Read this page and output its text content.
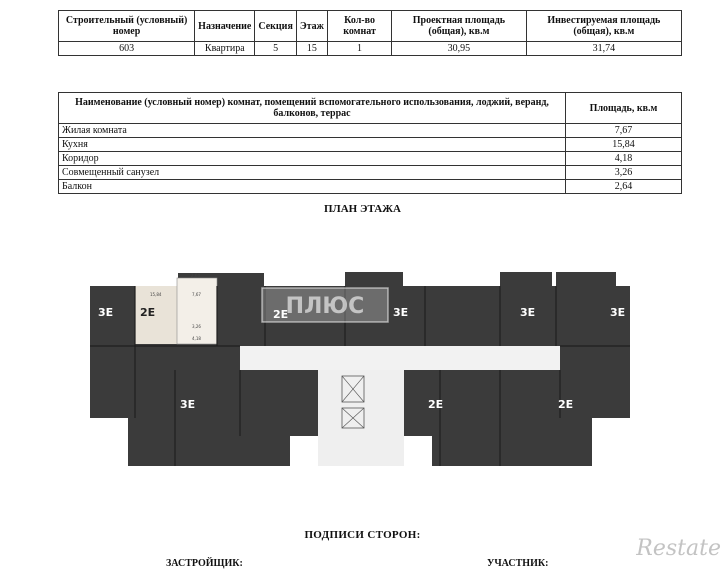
Строительный (условный) номер	Назначение	Секция	Этаж	Кол-во комнат	Проектная площадь (общая), кв.м	Инвестируемая площадь (общая), кв.м
603	Квартира	5	15	1	30,95	31,74
Наименование (условный номер) комнат, помещений вспомогательного использования, лоджий, веранд, балконов, террас	Площадь, кв.м
Жилая комната	7,67
Кухня	15,84
Коридор	4,18
Совмещенный санузел	3,26
Балкон	2,64
ПЛАН ЭТАЖА
3Е	3Е	3Е	3Е
3Е	2Е	2Е
2Е
15,84	7,67
3,26
4,18
2,64
ПЛЮС
ПОДПИСИ СТОРОН:
ЗАСТРОЙЩИК:	УЧАСТНИК:
Restate
